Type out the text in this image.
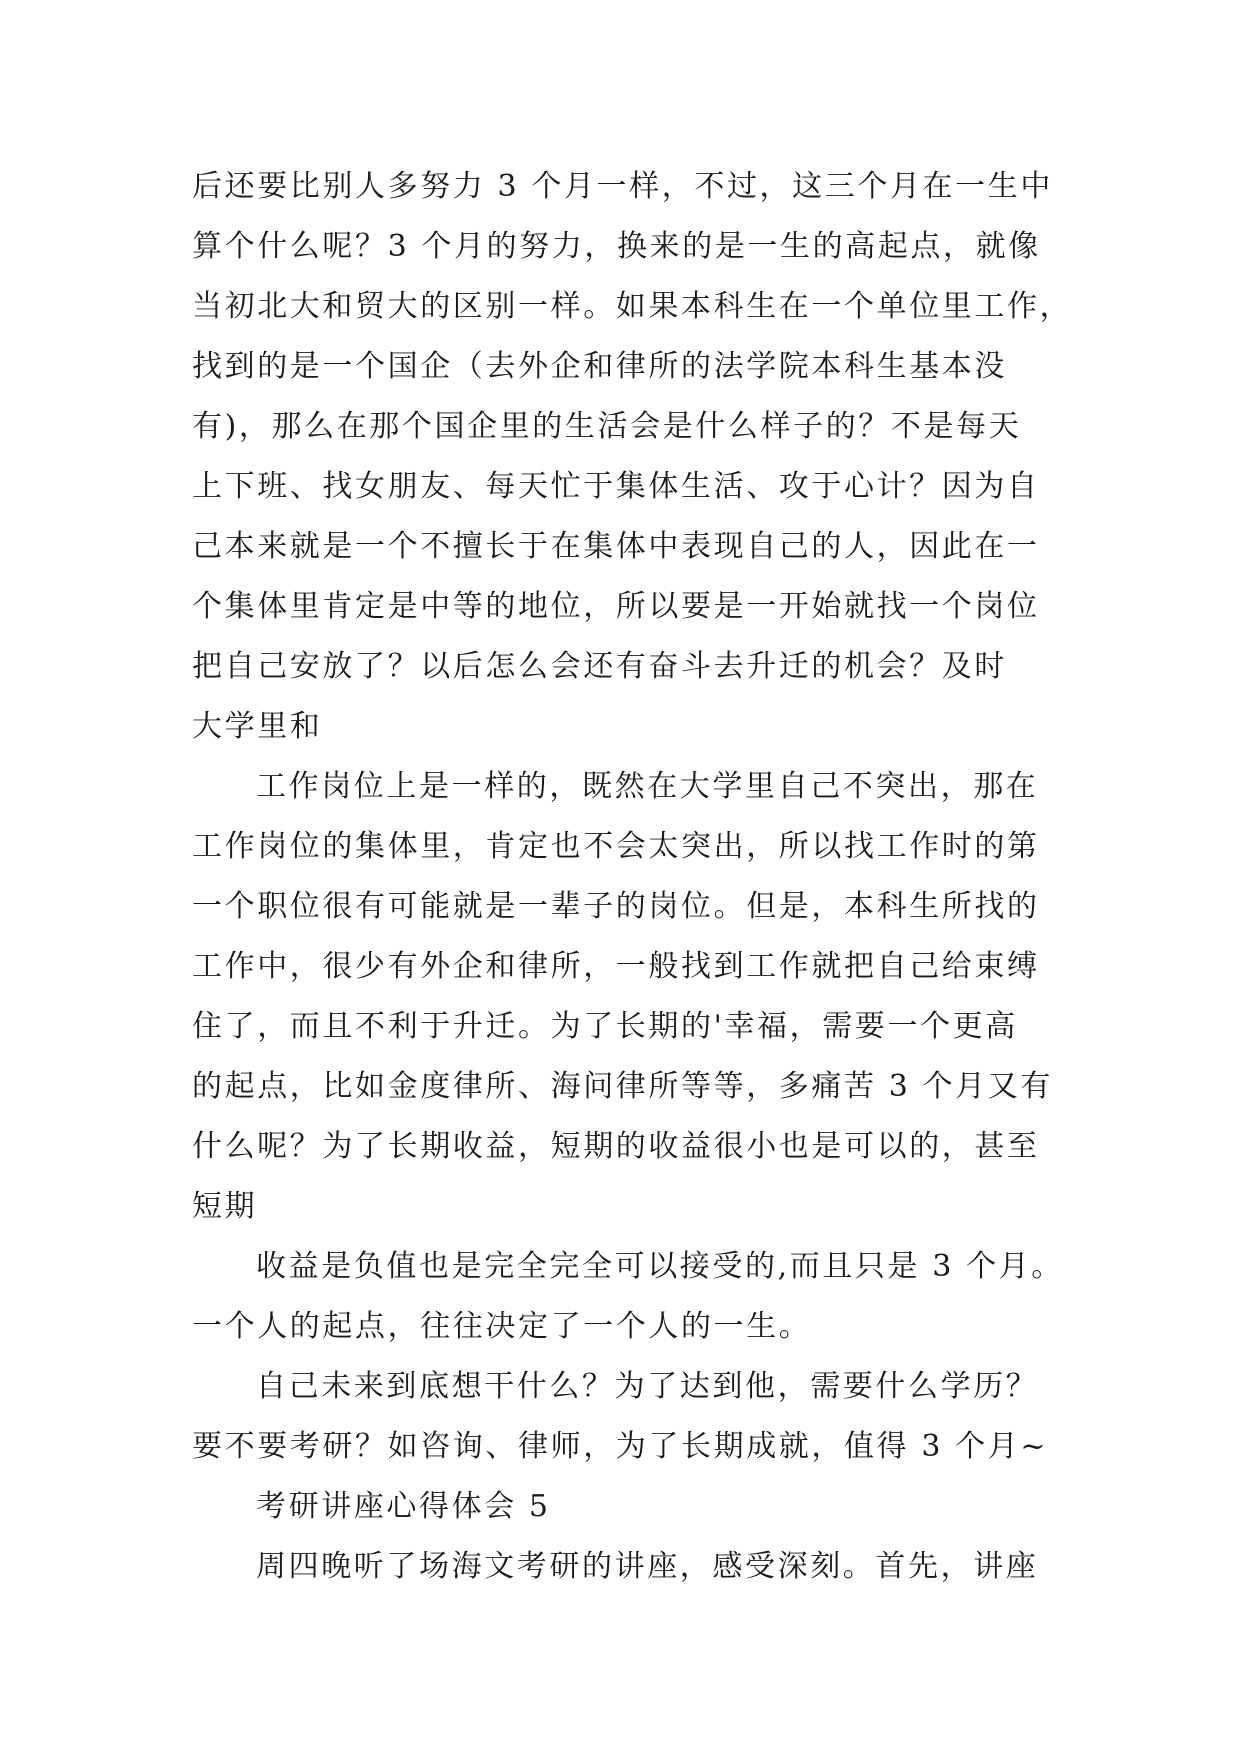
后还要比别人多努力 3 个月一样，不过，这三个月在一生中
算个什么呢？3 个月的努力，换来的是一生的高起点，就像
当初北大和贸大的区别一样。如果本科生在一个单位里工作，
找到的是一个国企（去外企和律所的法学院本科生基本没
有)，那么在那个国企里的生活会是什么样子的？不是每天
上下班、找女朋友、每天忙于集体生活、攻于心计？因为自
己本来就是一个不擅长于在集体中表现自己的人，因此在一
个集体里肯定是中等的地位，所以要是一开始就找一个岗位
把自己安放了？以后怎么会还有奋斗去升迁的机会？及时
大学里和
工作岗位上是一样的，既然在大学里自己不突出，那在
工作岗位的集体里，肯定也不会太突出，所以找工作时的第
一个职位很有可能就是一辈子的岗位。但是，本科生所找的
工作中，很少有外企和律所，一般找到工作就把自己给束缚
住了，而且不利于升迁。为了长期的'幸福，需要一个更高
的起点，比如金度律所、海问律所等等，多痛苦 3 个月又有
什么呢？为了长期收益，短期的收益很小也是可以的，甚至
短期
收益是负值也是完全完全可以接受的,而且只是 3 个月。
一个人的起点，往往决定了一个人的一生。
自己未来到底想干什么？为了达到他，需要什么学历？
要不要考研？如咨询、律师，为了长期成就，值得 3 个月~
考研讲座心得体会 5
周四晚听了场海文考研的讲座，感受深刻。首先，讲座
